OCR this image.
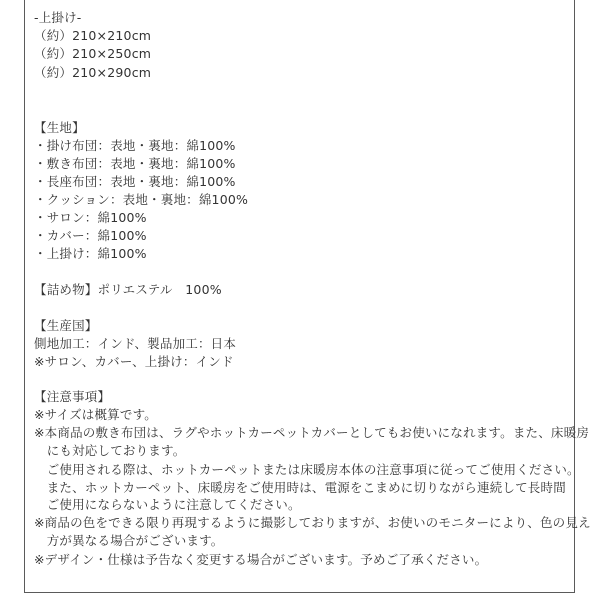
-上掛け-
（約）210×210cm
（約）210×250cm
（約）210×290cm
【生地】
・掛け布団：表地・裏地：綿100%
・敷き布団：表地・裏地：綿100%
・長座布団：表地・裏地：綿100%
・クッション：表地・裏地：綿100%
・サロン：綿100%
・カバー：綿100%
・上掛け：綿100%
【詰め物】ポリエステル　100%
【生産国】
側地加工：インド、製品加工：日本
※サロン、カバー、上掛け：インド
【注意事項】
※サイズは概算です。
※本商品の敷き布団は、ラグやホットカーペットカバーとしてもお使いになれます。また、床暖房
　にも対応しております。
　ご使用される際は、ホットカーペットまたは床暖房本体の注意事項に従ってご使用ください。
　また、ホットカーペット、床暖房をご使用時は、電源をこまめに切りながら連続して長時間
　ご使用にならないように注意してください。
※商品の色をできる限り再現するように撮影しておりますが、お使いのモニターにより、色の見え
　方が異なる場合がございます。
※デザイン・仕様は予告なく変更する場合がございます。予めご了承ください。
